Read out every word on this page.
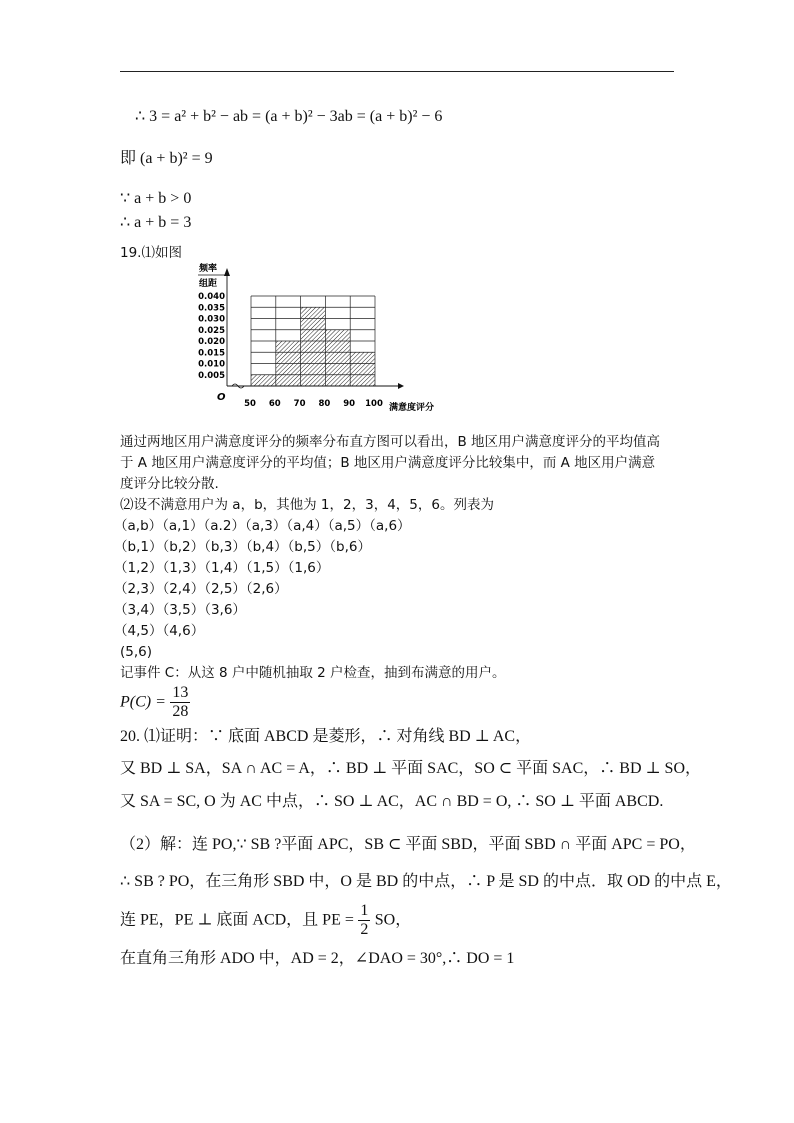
∴ 3 = a² + b² − ab = (a + b)² − 3ab = (a + b)² − 6
即 (a + b)² = 9
∵ a + b > 0
∴ a + b = 3
19.⑴如图
0.005
0.010
0.015
0.020
0.025
0.030
0.035
0.040
50 60 70 80 90 100
频率
组距
O
满意度评分
通过两地区用户满意度评分的频率分布直方图可以看出，B 地区用户满意度评分的平均值高
于 A 地区用户满意度评分的平均值；B 地区用户满意度评分比较集中，而 A 地区用户满意
度评分比较分散.
⑵设不满意用户为 a，b，其他为 1，2，3，4，5，6。列表为
（a,b）（a,1）（a.2）（a,3）（a,4）（a,5）（a,6）
（b,1）（b,2）（b,3）（b,4）（b,5）（b,6）
（1,2）（1,3）（1,4）（1,5）（1,6）
（2,3）（2,4）（2,5）（2,6）
（3,4）（3,5）（3,6）
（4,5）（4,6）
(5,6)
记事件 C：从这 8 户中随机抽取 2 户检查，抽到布满意的用户。
$P(C) = \frac{13}{28}$
20. ⑴证明：∵ 底面 ABCD 是菱形，∴ 对角线 BD ⊥ AC，
又 BD ⊥ SA，SA ∩ AC = A，∴ BD ⊥ 平面 SAC，SO ⊂ 平面 SAC，∴ BD ⊥ SO，
又 SA = SC, O 为 AC 中点，∴ SO ⊥ AC，AC ∩ BD = O, ∴ SO ⊥ 平面 ABCD.
（2）解：连 PO,∵ SB ?平面 APC，SB ⊂ 平面 SBD，平面 SBD ∩ 平面 APC = PO，
∴ SB ? PO，在三角形 SBD 中，O 是 BD 的中点，∴ P 是 SD 的中点．取 OD 的中点 E，
连 PE，PE ⊥ 底面 ACD，且 PE = $\frac{1}{2}$ SO，
在直角三角形 ADO 中，AD = 2，∠DAO = 30°,∴ DO = 1
